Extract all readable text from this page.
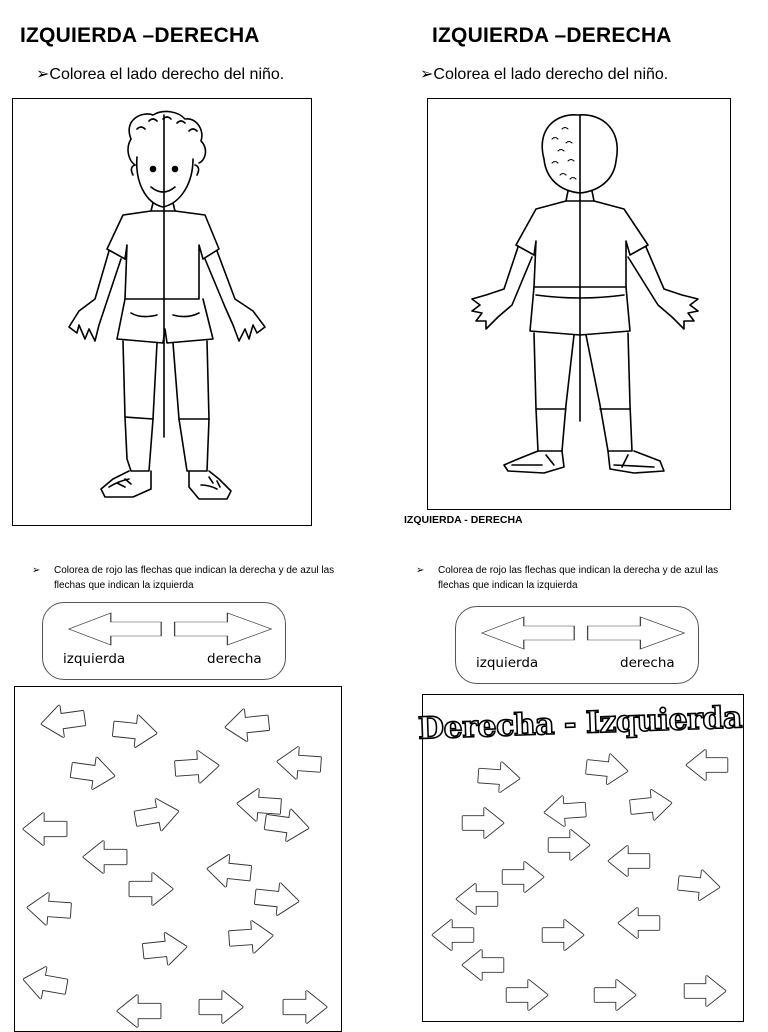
IZQUIERDA –DERECHA
➢Colorea el lado derecho del niño.
IZQUIERDA –DERECHA
➢Colorea el lado derecho del niño.
IZQUIERDA - DERECHA
➢ Colorea de rojo las flechas que indican la derecha y de azul las flechas que indican la izquierda
izquierda	derecha
➢ Colorea de rojo las flechas que indican la derecha y de azul las flechas que indican la izquierda
izquierda	derecha
Derecha - Izquierda
